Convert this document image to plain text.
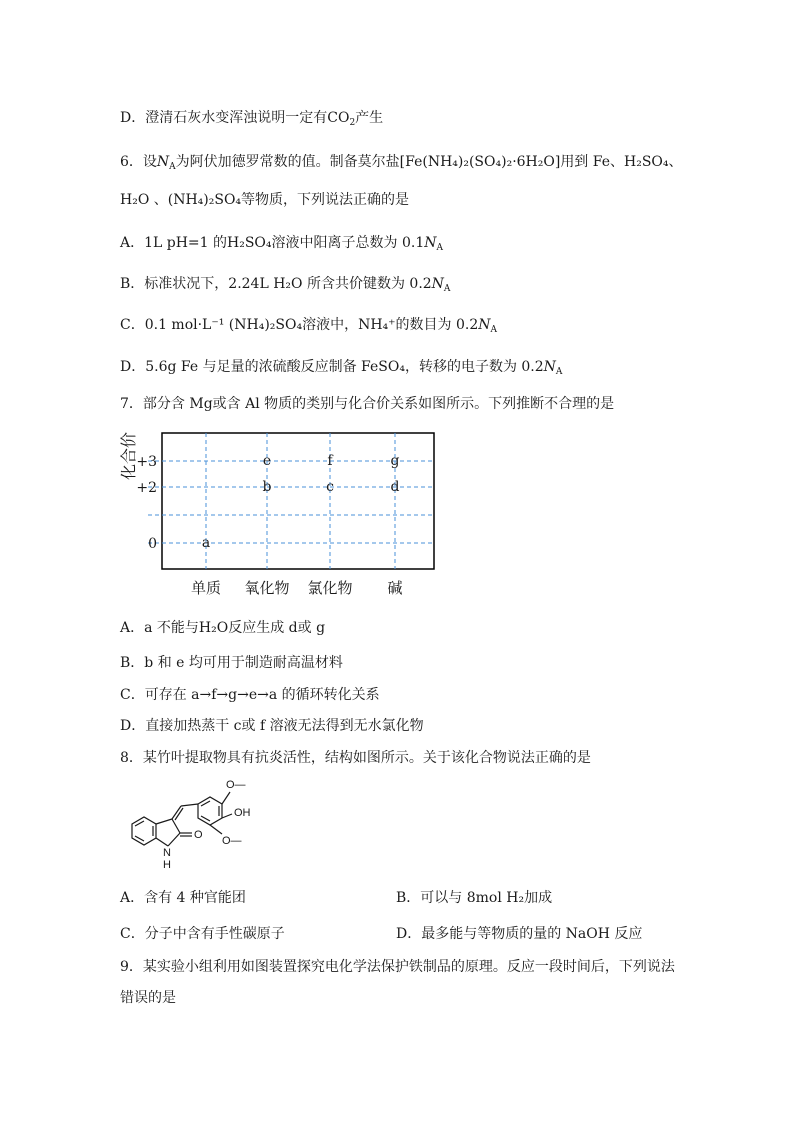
D．澄清石灰水变浑浊说明一定有$CO_2$产生
6．设$N_A$为阿伏加德罗常数的值。制备莫尔盐[Fe(NH₄)₂(SO₄)₂·6H₂O]用到 Fe、H₂SO₄、
H₂O 、(NH₄)₂SO₄等物质，下列说法正确的是
A．1L pH=1 的H₂SO₄溶液中阳离子总数为 $0.1N_A$
B．标准状况下，2.24L H₂O 所含共价键数为 $0.2N_A$
C．0.1 mol·L⁻¹ (NH₄)₂SO₄溶液中，NH₄⁺的数目为 $0.2N_A$
D．5.6g Fe 与足量的浓硫酸反应制备 FeSO₄，转移的电子数为 $0.2N_A$
7．部分含 Mg或含 Al 物质的类别与化合价关系如图所示。下列推断不合理的是
+3
+2
0
化合价
单质 氧化物 氯化物 碱
a
b	c	d
e	f	g
A．a 不能与H₂O反应生成 d或 g
B．b 和 e 均可用于制造耐高温材料
C．可存在 a→f→g→e→a 的循环转化关系
D．直接加热蒸干 c或 f 溶液无法得到无水氯化物
8．某竹叶提取物具有抗炎活性，结构如图所示。关于该化合物说法正确的是
O—
OH
O—
O
N
H
A．含有 4 种官能团	B．可以与 8mol H₂加成
C．分子中含有手性碳原子	D．最多能与等物质的量的 NaOH 反应
9．某实验小组利用如图装置探究电化学法保护铁制品的原理。反应一段时间后，下列说法
错误的是
